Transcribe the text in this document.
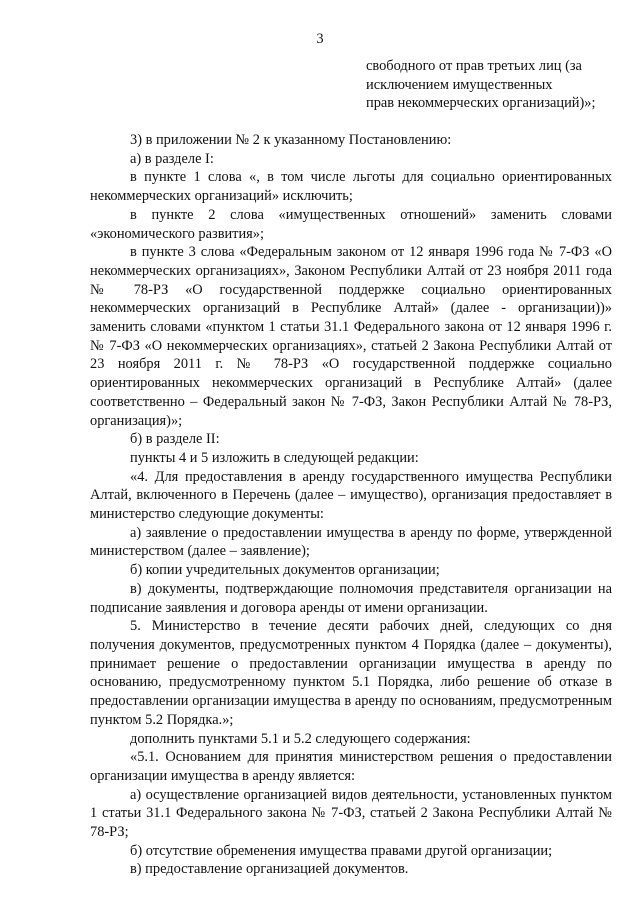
3
свободного от прав третьих лиц (за
исключением имущественных
прав некоммерческих организаций)»;

3) в приложении № 2 к указанному Постановлению:

а) в разделе I:

в пункте 1 слова «, в том числе льготы для социально ориентированных некоммерческих организаций» исключить;

в пункте 2 слова «имущественных отношений» заменить словами «экономического развития»;

в пункте 3 слова «Федеральным законом от 12 января 1996 года № 7-ФЗ «О некоммерческих организациях», Законом Республики Алтай от 23 ноября 2011 года № 78-РЗ «О государственной поддержке социально ориентированных некоммерческих организаций в Республике Алтай» (далее - организации))» заменить словами «пунктом 1 статьи 31.1 Федерального закона от 12 января 1996 г. № 7-ФЗ «О некоммерческих организациях», статьей 2 Закона Республики Алтай от 23 ноября 2011 г. № 78-РЗ «О государственной поддержке социально ориентированных некоммерческих организаций в Республике Алтай» (далее соответственно – Федеральный закон № 7-ФЗ, Закон Республики Алтай № 78-РЗ, организация)»;

б) в разделе II:

пункты 4 и 5 изложить в следующей редакции:

«4. Для предоставления в аренду государственного имущества Республики Алтай, включенного в Перечень (далее – имущество), организация предоставляет в министерство следующие документы:

а) заявление о предоставлении имущества в аренду по форме, утвержденной министерством (далее – заявление);

б) копии учредительных документов организации;

в) документы, подтверждающие полномочия представителя организации на подписание заявления и договора аренды от имени организации.

5. Министерство в течение десяти рабочих дней, следующих со дня получения документов, предусмотренных пунктом 4 Порядка (далее – документы), принимает решение о предоставлении организации имущества в аренду по основанию, предусмотренному пунктом 5.1 Порядка, либо решение об отказе в предоставлении организации имущества в аренду по основаниям, предусмотренным пунктом 5.2 Порядка.»;

дополнить пунктами 5.1 и 5.2 следующего содержания:

«5.1. Основанием для принятия министерством решения о предоставлении организации имущества в аренду является:

а) осуществление организацией видов деятельности, установленных пунктом 1 статьи 31.1 Федерального закона № 7-ФЗ, статьей 2 Закона Республики Алтай № 78-РЗ;

б) отсутствие обременения имущества правами другой организации;

в) предоставление организацией документов.
